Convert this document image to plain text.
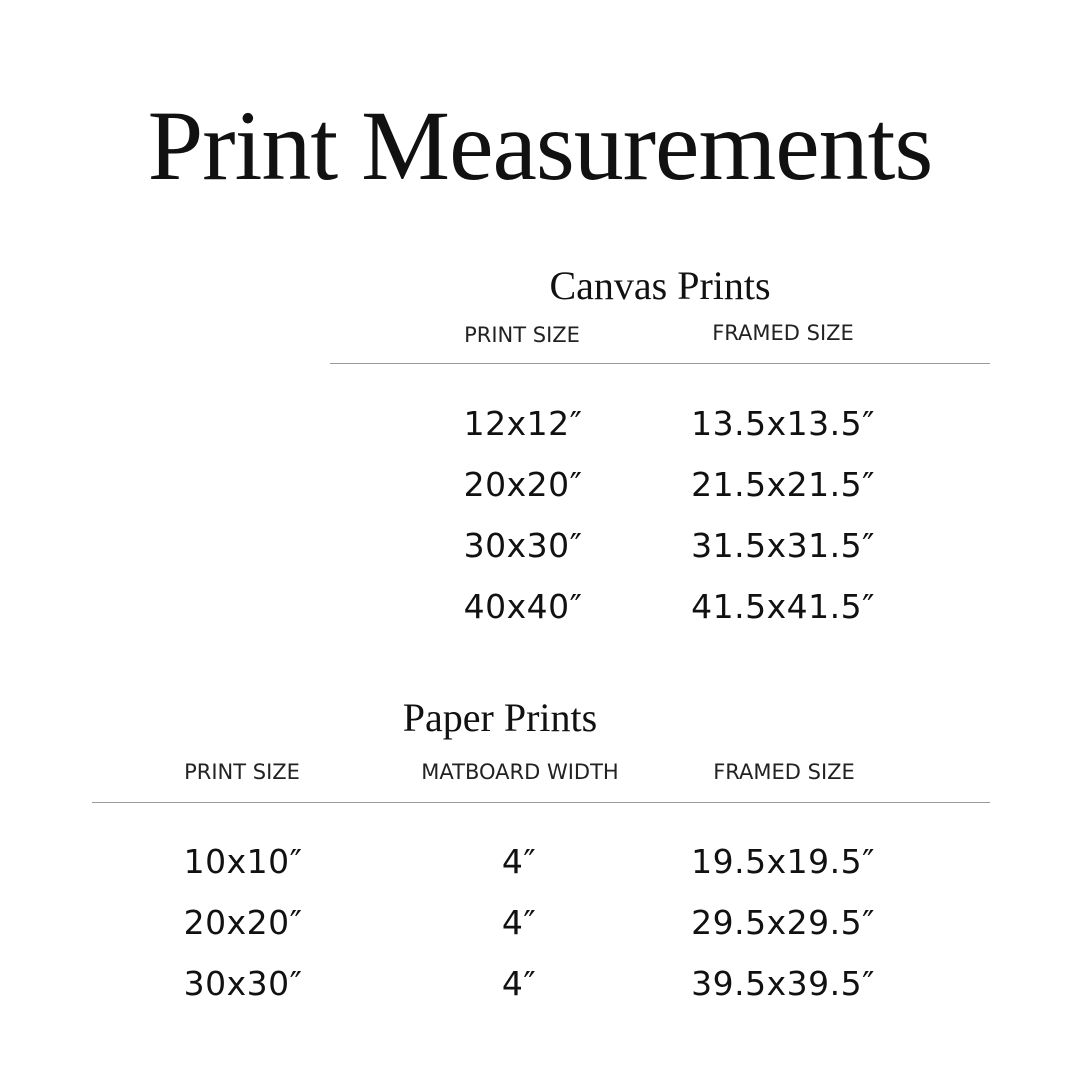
Print Measurements
Canvas Prints
PRINT SIZE	FRAMED SIZE
12x12″	13.5x13.5″
20x20″	21.5x21.5″
30x30″	31.5x31.5″
40x40″	41.5x41.5″
Paper Prints
PRINT SIZE	MATBOARD WIDTH	FRAMED SIZE
10x10″	4″	19.5x19.5″
20x20″	4″	29.5x29.5″
30x30″	4″	39.5x39.5″
